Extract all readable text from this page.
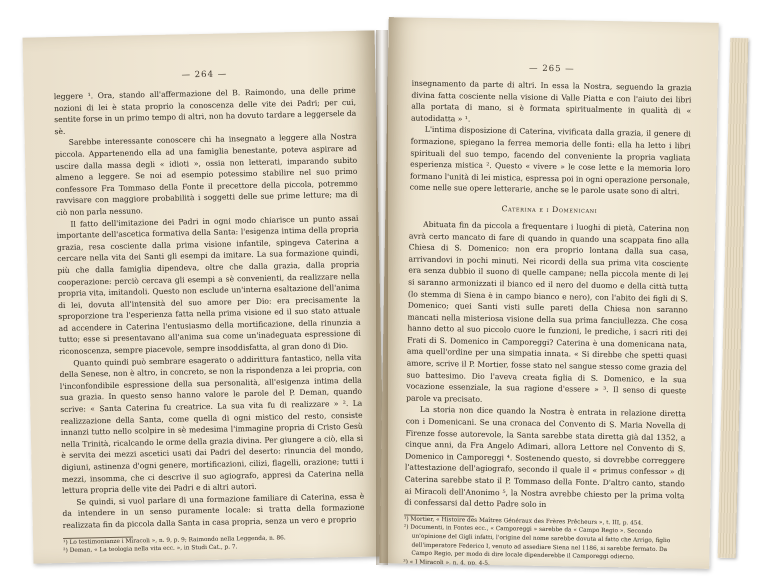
— 264 —

leggere ¹. Ora, stando all'affermazione del B. Raimondo, una delle prime nozioni di lei è stata proprio la conoscenza delle vite dei Padri; per cui, sentite forse in un primo tempo di altri, non ha dovuto tardare a leggersele da sè.

Sarebbe interessante conoscere chi ha insegnato a leggere alla Nostra piccola. Appartenendo ella ad una famiglia benestante, poteva aspirare ad uscire dalla massa degli « idioti », ossia non letterati, imparando subito almeno a leggere. Se noi ad esempio potessimo stabilire nel suo primo confessore Fra Tommaso della Fonte il precettore della piccola, potremmo ravvisare con maggiore probabilità i soggetti delle sue prime letture; ma di ciò non parla nessuno.

Il fatto dell'imitazione dei Padri in ogni modo chiarisce un punto assai importante dell'ascetica formativa della Santa: l'esigenza intima della propria grazia, resa cosciente dalla prima visione infantile, spingeva Caterina a cercare nella vita dei Santi gli esempi da imitare. La sua formazione quindi, più che dalla famiglia dipendeva, oltre che dalla grazia, dalla propria cooperazione: perciò cercava gli esempi a sè convenienti, da realizzare nella propria vita, imitandoli. Questo non esclude un'interna esaltazione dell'anima di lei, dovuta all'intensità del suo amore per Dio: era precisamente la sproporzione tra l'esperienza fatta nella prima visione ed il suo stato attuale ad accendere in Caterina l'entusiasmo della mortificazione, della rinunzia a tutto; esse si presentavano all'anima sua come un'inadeguata espressione di riconoscenza, sempre piacevole, sempre insoddisfatta, al gran dono di Dio.

Quanto quindi può sembrare esagerato o addirittura fantastico, nella vita della Senese, non è altro, in concreto, se non la rispondenza a lei propria, con l'inconfondibile espressione della sua personalità, all'esigenza intima della sua grazia. In questo senso hanno valore le parole del P. Deman, quando scrive: « Santa Caterina fu creatrice. La sua vita fu di realizzare » ². La realizzazione della Santa, come quella di ogni mistico del resto, consiste innanzi tutto nello scolpire in sè medesima l'immagine propria di Cristo Gesù nella Trinità, ricalcando le orme della grazia divina. Per giungere a ciò, ella si è servita dei mezzi ascetici usati dai Padri del deserto: rinuncia del mondo, digiuni, astinenza d'ogni genere, mortificazioni, cilizi, flagelli, orazione; tutti i mezzi, insomma, che ci descrive il suo agiografo, appresi da Caterina nella lettura propria delle vite dei Padri e di altri autori.

Se quindi, si vuol parlare di una formazione familiare di Caterina, essa è da intendere in un senso puramente locale: si tratta della formazione realizzata fin da piccola dalla Santa in casa propria, senza un vero e proprio

¹) Lo testimonianze i Miracoli », n. 9, p. 9; Raimondo nella Leggenda, n. 86.

²) Deman, « La teologia nella vita ecc. », in Studi Cat., p. 7.

— 265 —

insegnamento da parte di altri. In essa la Nostra, seguendo la grazia divina fatta cosciente nella visione di Valle Piatta e con l'aiuto dei libri alla portata di mano, si è formata spiritualmente in qualità di « autodidatta » ¹.

L'intima disposizione di Caterina, vivificata dalla grazia, il genere di formazione, spiegano la ferrea memoria delle fonti: ella ha letto i libri spirituali del suo tempo, facendo del conveniente la propria vagliata esperienza mistica ². Questo « vivere » le cose lette e la memoria loro formano l'unità di lei mistica, espressa poi in ogni operazione personale, come nelle sue opere letterarie, anche se le parole usate sono di altri.

Caterina e i Domenicani

Abituata fin da piccola a frequentare i luoghi di pietà, Caterina non avrà certo mancato di fare di quando in quando una scappata fino alla Chiesa di S. Domenico: non era proprio lontana dalla sua casa, arrivandovi in pochi minuti. Nei ricordi della sua prima vita cosciente era senza dubbio il suono di quelle campane; nella piccola mente di lei si saranno armonizzati il bianco ed il nero del duomo e della città tutta (lo stemma di Siena è in campo bianco e nero), con l'abito dei figli di S. Domenico; quei Santi visti sulle pareti della Chiesa non saranno mancati nella misteriosa visione della sua prima fanciullezza. Che cosa hanno detto al suo piccolo cuore le funzioni, le prediche, i sacri riti dei Frati di S. Domenico in Camporeggi? Caterina è una domenicana nata, ama quell'ordine per una simpatia innata. « Si direbbe che spetti quasi amore, scrive il P. Mortier, fosse stato nel sangue stesso come grazia del suo battesimo. Dio l'aveva creata figlia di S. Domenico, e la sua vocazione essenziale, la sua ragione d'essere » ³. Il senso di queste parole va precisato.

La storia non dice quando la Nostra è entrata in relazione diretta con i Domenicani. Se una cronaca del Convento di S. Maria Novella di Firenze fosse autorevole, la Santa sarebbe stata diretta già dal 1352, a cinque anni, da Fra Angelo Adimari, allora Lettore nel Convento di S. Domenico in Camporeggi ⁴. Sostenendo questo, si dovrebbe correggere l'attestazione dell'agiografo, secondo il quale il « primus confessor » di Caterina sarebbe stato il P. Tommaso della Fonte. D'altro canto, stando ai Miracoli dell'Anonimo ⁵, la Nostra avrebbe chiesto per la prima volta di confessarsi dal detto Padre solo in

¹) Mortier, « Histoire des Maîtres Généraux des Frères Prêcheurs », t. III, p. 454.

²) Documenti, in Fontes ecc., « Camporeggi » sarebbe da « Campo Regio ». Secondo un'opinione del Gigli infatti, l'origine del nome sarebbe dovuta al fatto che Arrigo, figlio dell'imperatore Federico I, venuto ad assediare Siena nel 1186, si sarebbe fermato. Da Campo Regio, per modo di dire locale dipenderebbe il Camporeggi odierno.

³) « I Miracoli », n. 4, pp. 4-5.
